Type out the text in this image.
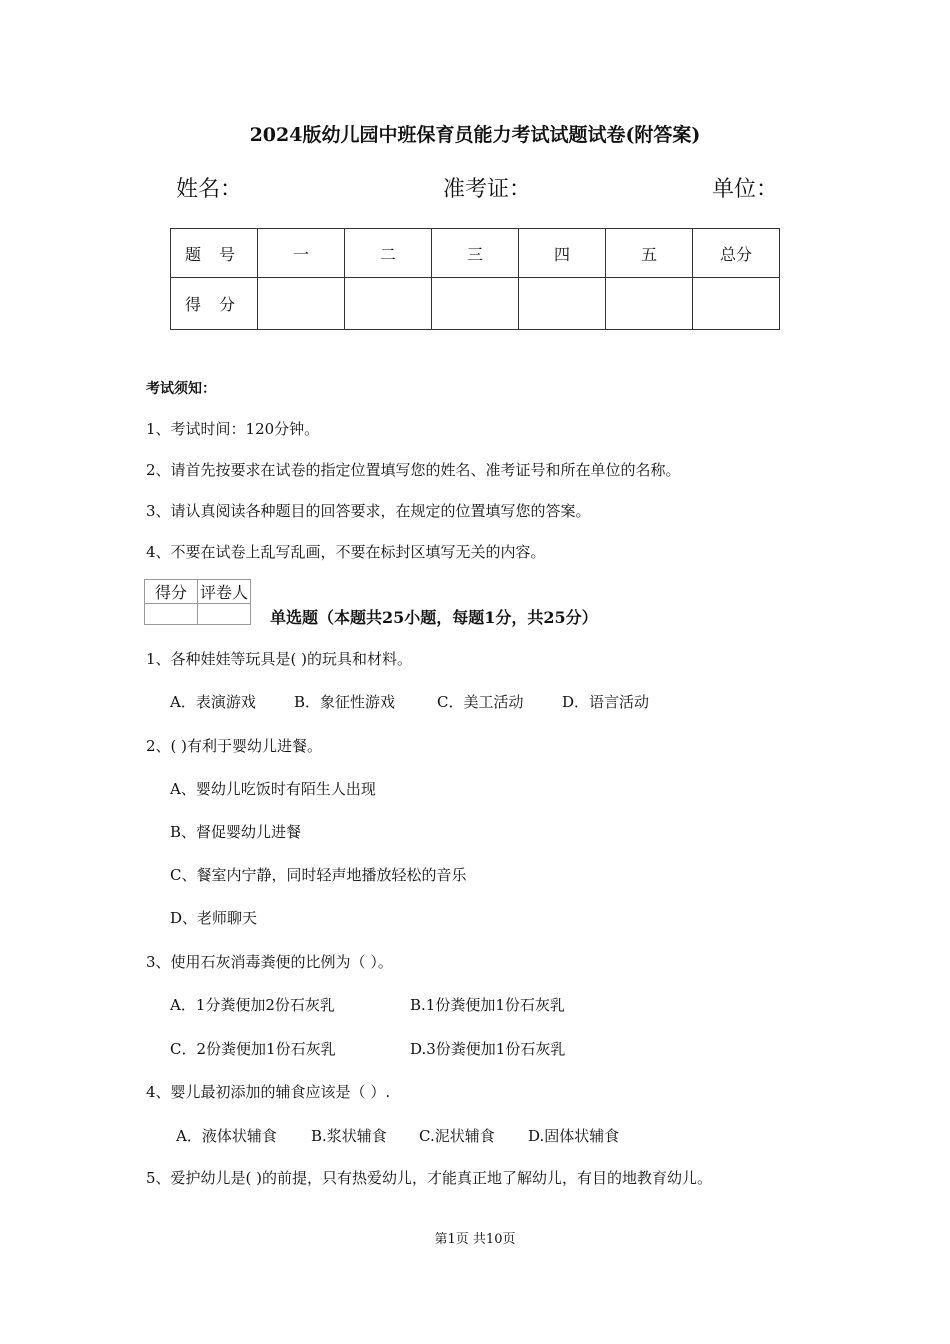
2024版幼儿园中班保育员能力考试试题试卷(附答案)
姓名：	准考证：	单位：
题号	一	二	三	四	五	总分
得分						
考试须知：
1、考试时间：120分钟。
2、请首先按要求在试卷的指定位置填写您的姓名、准考证号和所在单位的名称。
3、请认真阅读各种题目的回答要求，在规定的位置填写您的答案。
4、不要在试卷上乱写乱画，不要在标封区填写无关的内容。
得分	评卷人

单选题（本题共25小题，每题1分，共25分）
1、各种娃娃等玩具是( )的玩具和材料。
A．表演游戏	B．象征性游戏	C．美工活动	D．语言活动
2、( )有利于婴幼儿进餐。
A、婴幼儿吃饭时有陌生人出现
B、督促婴幼儿进餐
C、餐室内宁静，同时轻声地播放轻松的音乐
D、老师聊天
3、使用石灰消毒粪便的比例为（ ）。
A．1分粪便加2份石灰乳	B.1份粪便加1份石灰乳
C．2份粪便加1份石灰乳	D.3份粪便加1份石灰乳
4、婴儿最初添加的辅食应该是（ ）.
A．液体状辅食 B.浆状辅食 C.泥状辅食 D.固体状辅食
5、爱护幼儿是( )的前提，只有热爱幼儿，才能真正地了解幼儿，有目的地教育幼儿。
第1页 共10页
